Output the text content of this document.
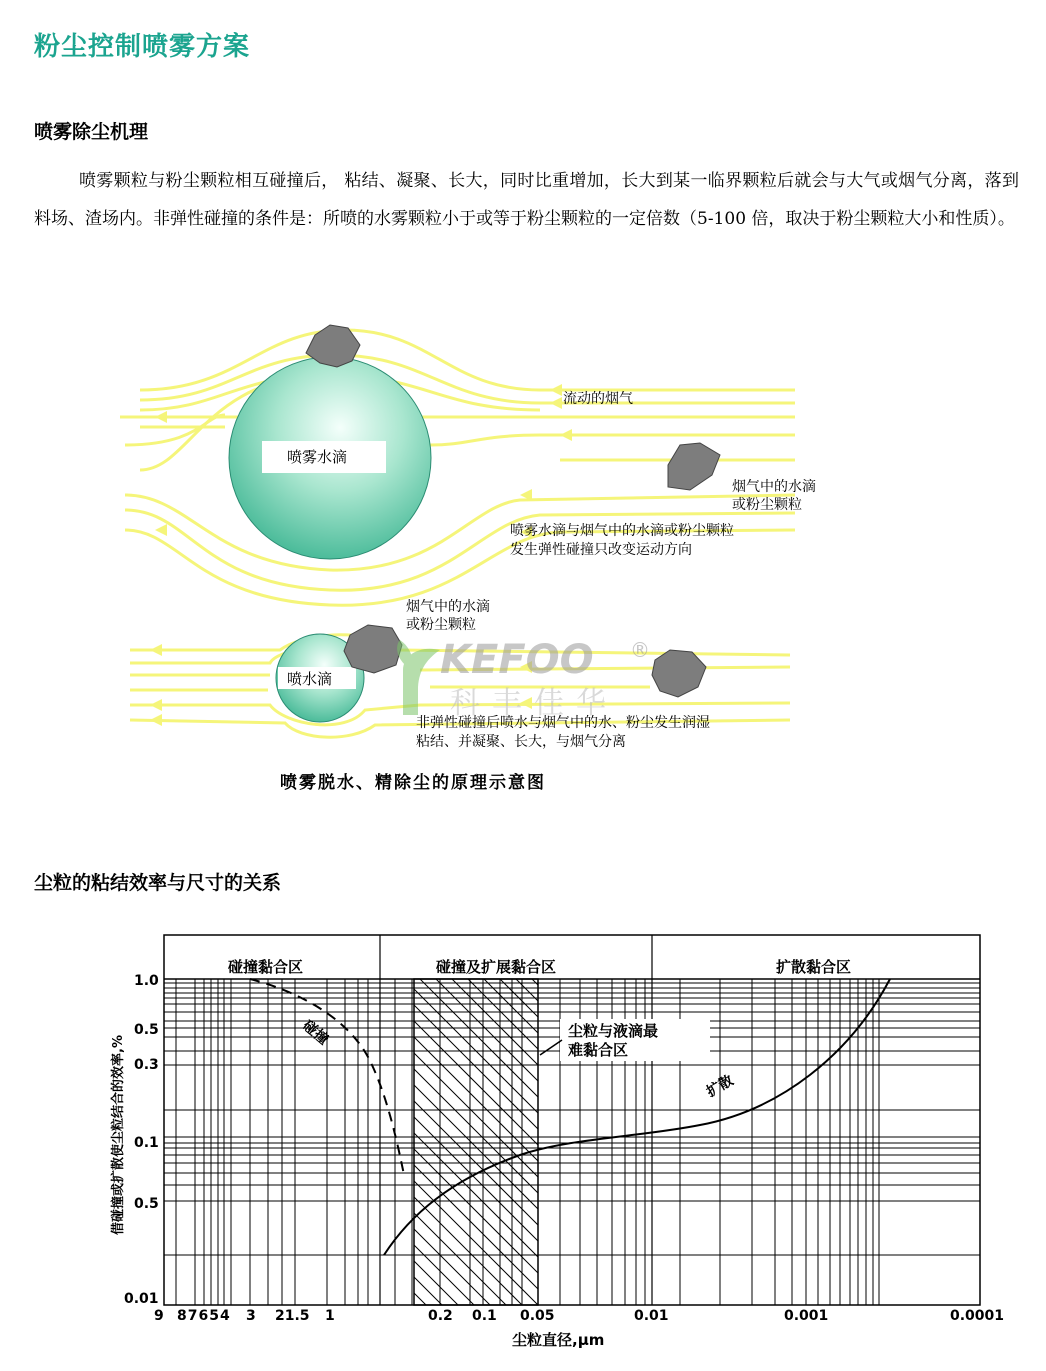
粉尘控制喷雾方案
喷雾除尘机理

喷雾颗粒与粉尘颗粒相互碰撞后， 粘结、凝聚、长大，同时比重增加，长大到某一临界颗粒后就会与大气或烟气分离，落到料场、渣场内。非弹性碰撞的条件是：所喷的水雾颗粒小于或等于粉尘颗粒的一定倍数（5-100 倍，取决于粉尘颗粒大小和性质）。

喷雾水滴
流动的烟气
烟气中的水滴
或粉尘颗粒
喷雾水滴与烟气中的水滴或粉尘颗粒
发生弹性碰撞只改变运动方向
喷水滴
烟气中的水滴
或粉尘颗粒
KEFOO ®
科丰佳华
非弹性碰撞后喷水与烟气中的水、粉尘发生润湿
粘结、并凝聚、长大，与烟气分离
喷雾脱水、精除尘的原理示意图
尘粒的粘结效率与尺寸的关系
碰撞黏合区	碰撞及扩展黏合区	扩散黏合区
1.0
0.5
0.3
0.1
0.5
0.01
9 87654 3 21.5 1	0.2 0.1 0.05	0.01	0.001	0.0001
尘粒直径,μm
借碰撞或扩散使尘粒结合的效率,%
碰撞
扩散
尘粒与液滴最
难黏合区
